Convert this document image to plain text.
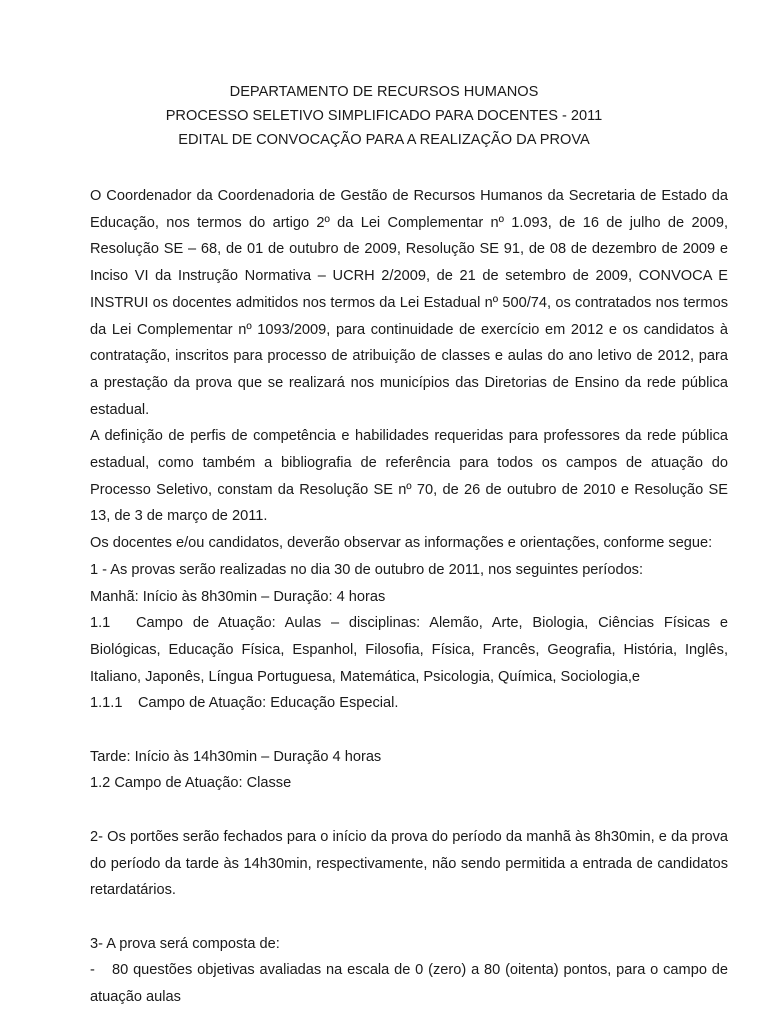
DEPARTAMENTO DE RECURSOS HUMANOS
PROCESSO SELETIVO SIMPLIFICADO PARA DOCENTES - 2011
EDITAL DE CONVOCAÇÃO PARA A REALIZAÇÃO DA PROVA

O Coordenador da Coordenadoria de Gestão de Recursos Humanos da Secretaria de Estado da Educação, nos termos do artigo 2º da Lei Complementar nº 1.093, de 16 de julho de 2009, Resolução SE – 68, de 01 de outubro de 2009, Resolução SE 91, de 08 de dezembro de 2009 e Inciso VI da Instrução Normativa – UCRH 2/2009, de 21 de setembro de 2009, CONVOCA E INSTRUI os docentes admitidos nos termos da Lei Estadual nº 500/74, os contratados nos termos da Lei Complementar nº 1093/2009, para continuidade de exercício em 2012 e os candidatos à contratação, inscritos para processo de atribuição de classes e aulas do ano letivo de 2012, para a prestação da prova que se realizará nos municípios das Diretorias de Ensino da rede pública estadual.

A definição de perfis de competência e habilidades requeridas para professores da rede pública estadual, como também a bibliografia de referência para todos os campos de atuação do Processo Seletivo, constam da Resolução SE nº 70, de 26 de outubro de 2010 e Resolução SE 13, de 3 de março de 2011.

Os docentes e/ou candidatos, deverão observar as informações e orientações, conforme segue:

1 - As provas serão realizadas no dia 30 de outubro de 2011, nos seguintes períodos:

Manhã: Início às 8h30min – Duração: 4 horas

1.1 Campo de Atuação: Aulas – disciplinas: Alemão, Arte, Biologia, Ciências Físicas e Biológicas, Educação Física, Espanhol, Filosofia, Física, Francês, Geografia, História, Inglês, Italiano, Japonês, Língua Portuguesa, Matemática, Psicologia, Química, Sociologia,e

1.1.1 Campo de Atuação: Educação Especial.

Tarde: Início às 14h30min – Duração 4 horas

1.2 Campo de Atuação: Classe

2- Os portões serão fechados para o início da prova do período da manhã às 8h30min, e da prova do período da tarde às 14h30min, respectivamente, não sendo permitida a entrada de candidatos retardatários.

3- A prova será composta de:

- 80 questões objetivas avaliadas na escala de 0 (zero) a 80 (oitenta) pontos, para o campo de atuação aulas
